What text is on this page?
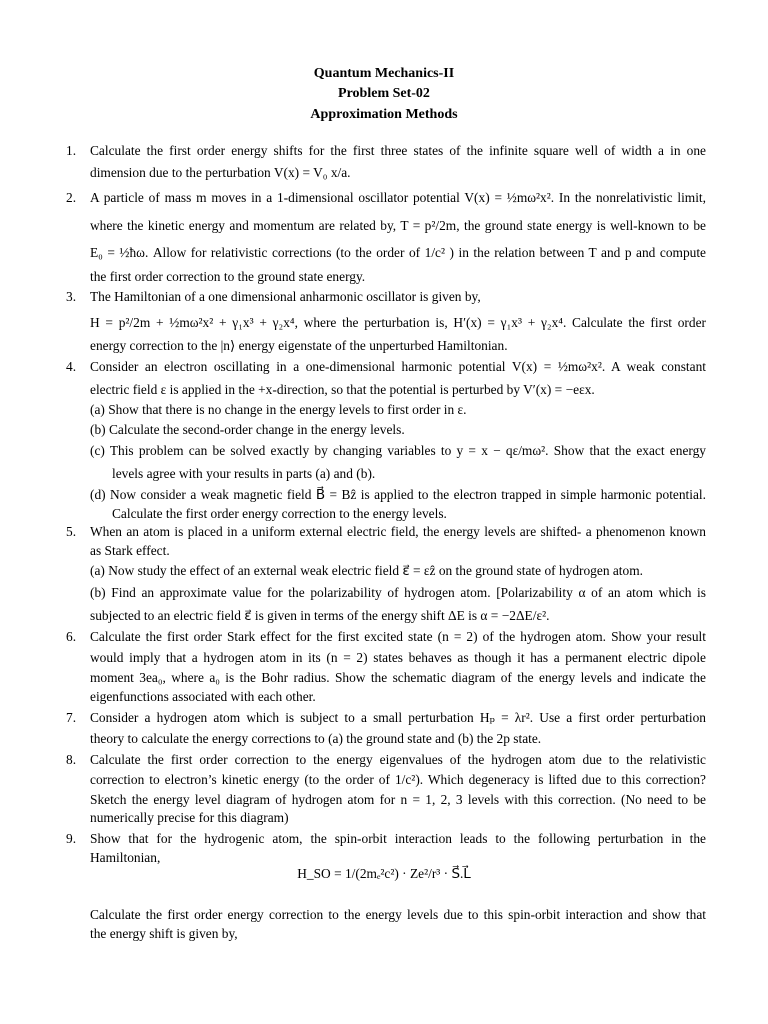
Quantum Mechanics-II
Problem Set-02
Approximation Methods
1.	Calculate the first order energy shifts for the first three states of the infinite square well of width a in one
dimension due to the perturbation V(x) = V₀ x/a.
2.	A particle of mass m moves in a 1-dimensional oscillator potential V(x) = ½mω²x². In the nonrelativistic limit,
where the kinetic energy and momentum are related by, T = p²/2m, the ground state energy is well-known to be
E₀ = ½ħω. Allow for relativistic corrections (to the order of 1/c² ) in the relation between T and p and compute
the first order correction to the ground state energy.
3.	The Hamiltonian of a one dimensional anharmonic oscillator is given by,
H = p²/2m + ½mω²x² + γ₁x³ + γ₂x⁴, where the perturbation is, H′(x) = γ₁x³ + γ₂x⁴. Calculate the first order
energy correction to the |n⟩ energy eigenstate of the unperturbed Hamiltonian.
4.	Consider an electron oscillating in a one-dimensional harmonic potential V(x) = ½mω²x². A weak constant
electric field ε is applied in the +x-direction, so that the potential is perturbed by V′(x) = −eεx.
(a) Show that there is no change in the energy levels to first order in ε.
(b) Calculate the second-order change in the energy levels.
(c) This problem can be solved exactly by changing variables to y = x − qε/mω². Show that the exact energy
levels agree with your results in parts (a) and (b).
(d) Now consider a weak magnetic field B⃗ = Bẑ is applied to the electron trapped in simple harmonic potential.
Calculate the first order energy correction to the energy levels.
5.	When an atom is placed in a uniform external electric field, the energy levels are shifted- a phenomenon known
as Stark effect.
(a) Now study the effect of an external weak electric field ε⃗ = εẑ on the ground state of hydrogen atom.
(b) Find an approximate value for the polarizability of hydrogen atom. [Polarizability α of an atom which is
subjected to an electric field ε⃗ is given in terms of the energy shift ΔE is α = −2ΔE/ε².
6.	Calculate the first order Stark effect for the first excited state (n = 2) of the hydrogen atom. Show your result
would imply that a hydrogen atom in its (n = 2) states behaves as though it has a permanent electric dipole
moment 3ea₀, where a₀ is the Bohr radius. Show the schematic diagram of the energy levels and indicate the
eigenfunctions associated with each other.
7.	Consider a hydrogen atom which is subject to a small perturbation Hₚ = λr². Use a first order perturbation
theory to calculate the energy corrections to (a) the ground state and (b) the 2p state.
8.	Calculate the first order correction to the energy eigenvalues of the hydrogen atom due to the relativistic
correction to electron’s kinetic energy (to the order of 1/c²). Which degeneracy is lifted due to this correction?
Sketch the energy level diagram of hydrogen atom for n = 1, 2, 3 levels with this correction. (No need to be
numerically precise for this diagram)
9.	Show that for the hydrogenic atom, the spin-orbit interaction leads to the following perturbation in the
Hamiltonian,
H_SO = 1/(2mₑ²c²) · Ze²/r³ · S⃗.L⃗
Calculate the first order energy correction to the energy levels due to this spin-orbit interaction and show that
the energy shift is given by,
